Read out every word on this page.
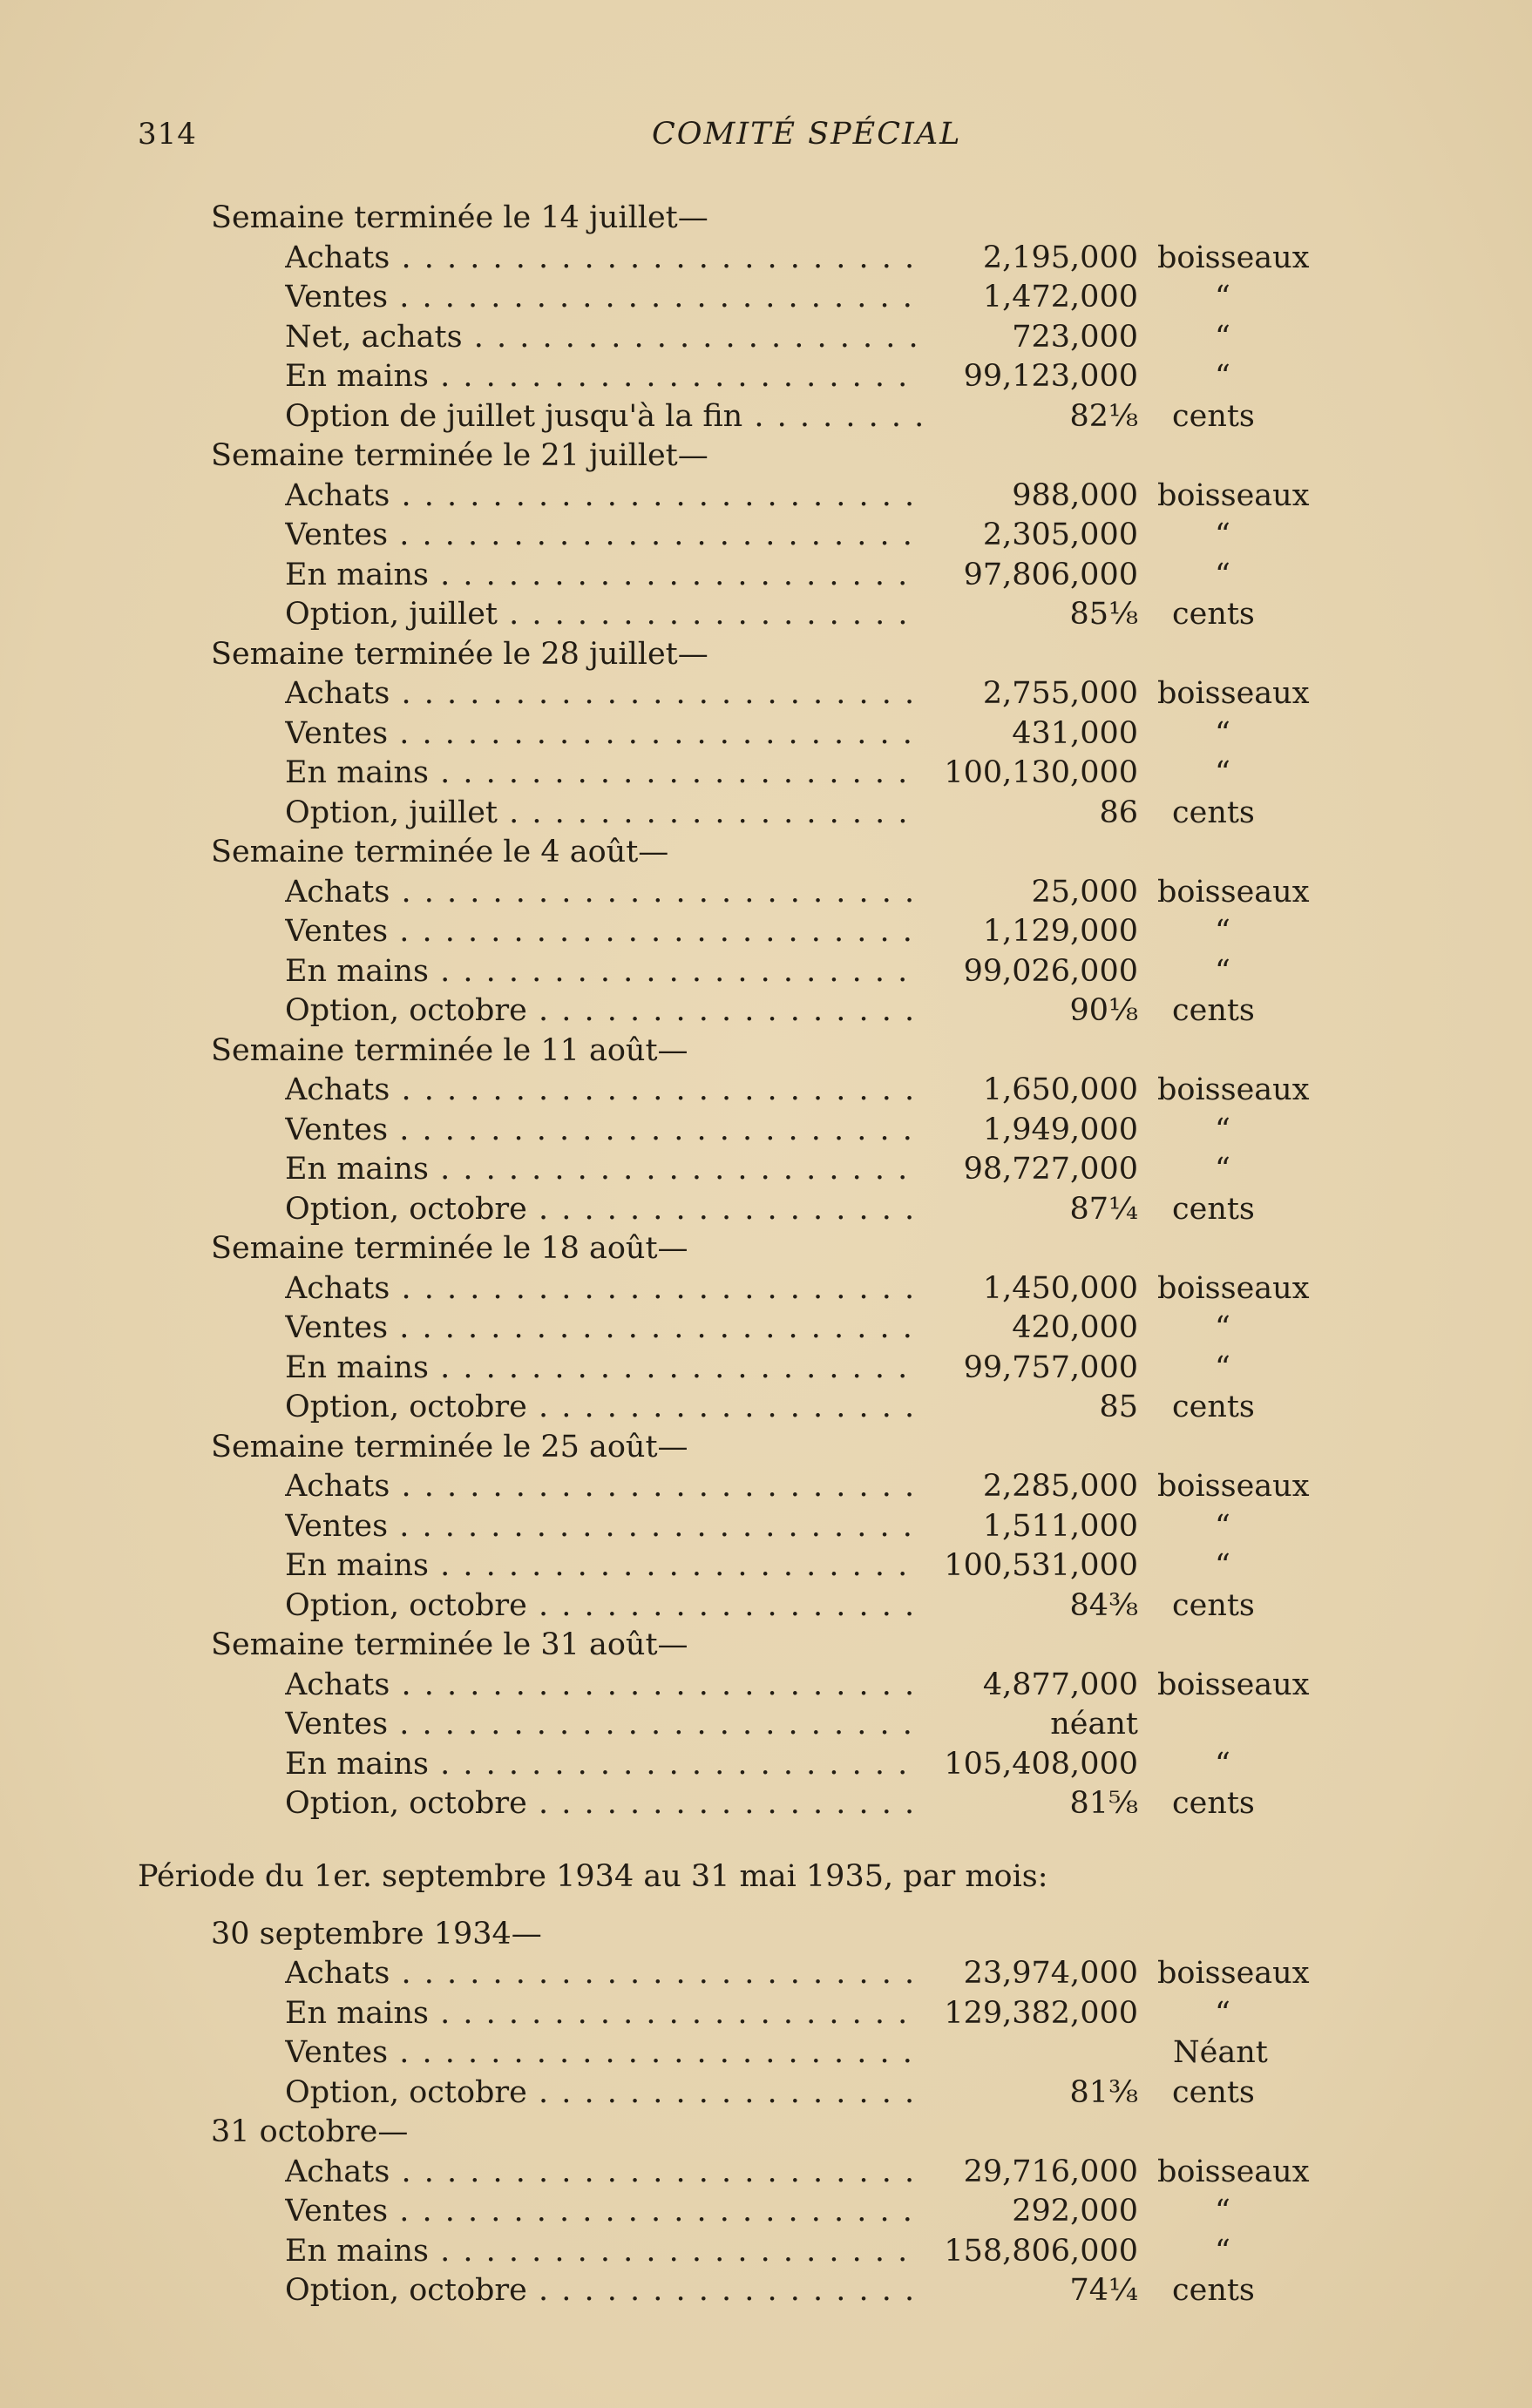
314	COMITÉ SPÉCIAL
Semaine terminée le 14 juillet—
Achats . . .	2,195,000 boisseaux
Ventes . . .	1,472,000	“
Net, achats . . .	723,000	“
En mains . . .	99,123,000	“
Option de juillet jusqu'à la fin . . .	82⅛ cents
Semaine terminée le 21 juillet—
Achats . . .	988,000 boisseaux
Ventes . . .	2,305,000	“
En mains . . .	97,806,000	“
Option, juillet . . .	85⅛ cents
Semaine terminée le 28 juillet—
Achats . . .	2,755,000 boisseaux
Ventes . . .	431,000	“
En mains . . .	100,130,000	“
Option, juillet . . .	86 cents
Semaine terminée le 4 août—
Achats . . .	25,000 boisseaux
Ventes . . .	1,129,000	“
En mains . . .	99,026,000	“
Option, octobre . . .	90⅛ cents
Semaine terminée le 11 août—
Achats . . .	1,650,000 boisseaux
Ventes . . .	1,949,000	“
En mains . . .	98,727,000	“
Option, octobre . . .	87¼ cents
Semaine terminée le 18 août—
Achats . . .	1,450,000 boisseaux
Ventes . . .	420,000	“
En mains . . .	99,757,000	“
Option, octobre . . .	85 cents
Semaine terminée le 25 août—
Achats . . .	2,285,000 boisseaux
Ventes . . .	1,511,000	“
En mains . . .	100,531,000	“
Option, octobre . . .	84⅜ cents
Semaine terminée le 31 août—
Achats . . .	4,877,000 boisseaux
Ventes . . .	néant
En mains . . .	105,408,000	“
Option, octobre . . .	81⅝ cents
Période du 1er. septembre 1934 au 31 mai 1935, par mois:
30 septembre 1934—
Achats . . .	23,974,000 boisseaux
En mains . . .	129,382,000	“
Ventes . . .	Néant
Option, octobre . . .	81⅜ cents
31 octobre—
Achats . . .	29,716,000 boisseaux
Ventes . . .	292,000	“
En mains . . .	158,806,000	“
Option, octobre . . .	74¼ cents
